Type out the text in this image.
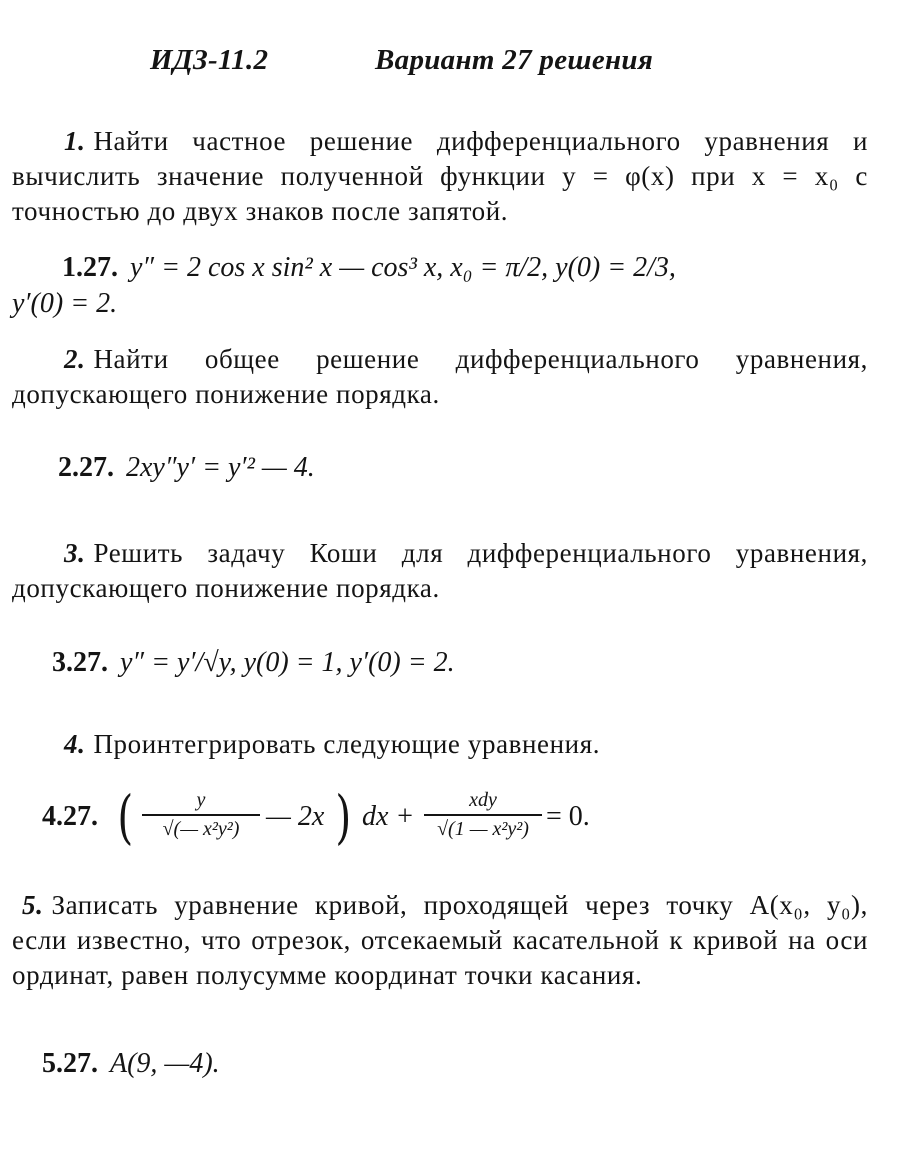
ИДЗ-11.2	Вариант 27 решения
1. Найти частное решение дифференциального уравнения и вычислить значение полученной функции y = φ(x) при x = x₀ с точностью до двух знаков после запятой.
1.27. y″ = 2 cos x sin² x — cos³ x, x₀ = π/2, y(0) = 2/3,
y′(0) = 2.
2. Найти общее решение дифференциального уравнения, допускающего понижение порядка.
2.27. 2xy″y′ = y′² — 4.
3. Решить задачу Коши для дифференциального уравнения, допускающего понижение порядка.
3.27. y″ = y′/√y, y(0) = 1, y′(0) = 2.
4. Проинтегрировать следующие уравнения.
4.27. (	y
√(— x²y²) — 2x ) dx +
xdy
√(1 — x²y²) = 0.
5. Записать уравнение кривой, проходящей через точку A(x₀, y₀), если известно, что отрезок, отсекаемый касательной к кривой на оси ординат, равен полусумме координат точки касания.
5.27. A(9, —4).
